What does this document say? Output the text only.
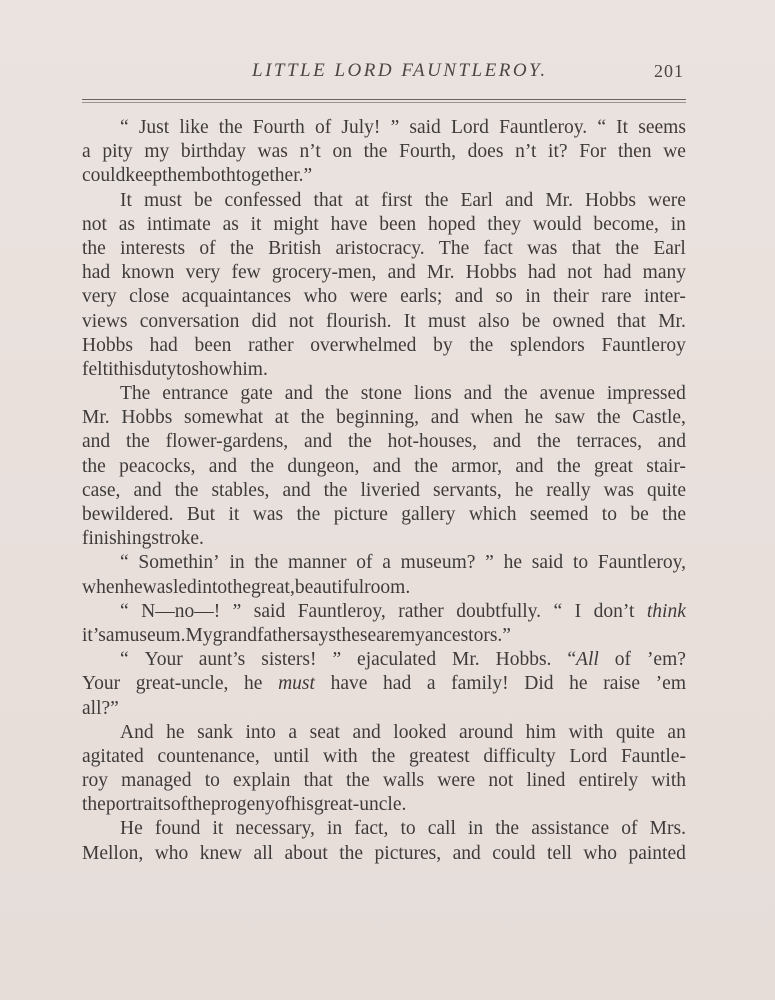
LITTLE LORD FAUNTLEROY.	201
“ Just like the Fourth of July! ” said Lord Fauntleroy. “ It seems
a pity my birthday was n’t on the Fourth, does n’t it? For then we
could keep them both together.”
It must be confessed that at first the Earl and Mr. Hobbs were
not as intimate as it might have been hoped they would become, in
the interests of the British aristocracy. The fact was that the Earl
had known very few grocery-men, and Mr. Hobbs had not had many
very close acquaintances who were earls; and so in their rare inter-
views conversation did not flourish. It must also be owned that Mr.
Hobbs had been rather overwhelmed by the splendors Fauntleroy
felt it his duty to show him.
The entrance gate and the stone lions and the avenue impressed
Mr. Hobbs somewhat at the beginning, and when he saw the Castle,
and the flower-gardens, and the hot-houses, and the terraces, and
the peacocks, and the dungeon, and the armor, and the great stair-
case, and the stables, and the liveried servants, he really was quite
bewildered. But it was the picture gallery which seemed to be the
finishing stroke.
“ Somethin’ in the manner of a museum? ” he said to Fauntleroy,
when he was led into the great, beautiful room.
“ N—no—! ” said Fauntleroy, rather doubtfully. “ I don’t think
it ’s a museum. My grandfather says these are my ancestors.”
“ Your aunt’s sisters! ” ejaculated Mr. Hobbs. “All of ’em?
Your great-uncle, he must have had a family! Did he raise ’em
all? ”
And he sank into a seat and looked around him with quite an
agitated countenance, until with the greatest difficulty Lord Fauntle-
roy managed to explain that the walls were not lined entirely with
the portraits of the progeny of his great-uncle.
He found it necessary, in fact, to call in the assistance of Mrs.
Mellon, who knew all about the pictures, and could tell who painted
